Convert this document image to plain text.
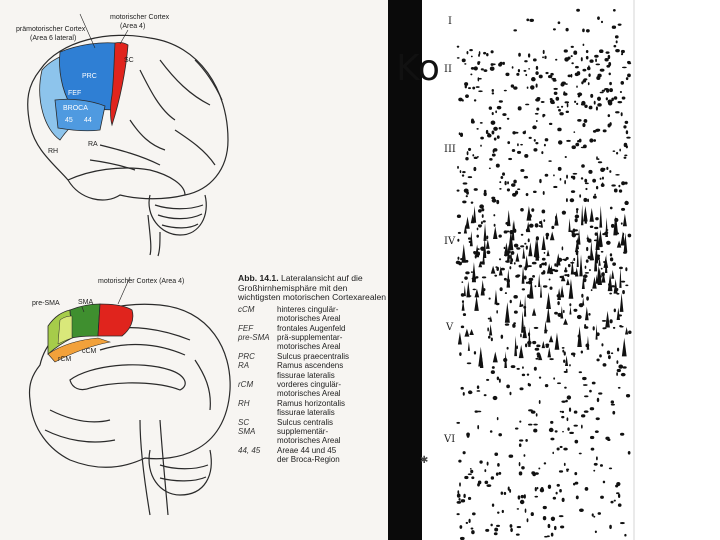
prämotorischer Cortex
(Area 6 lateral)
motorischer Cortex
(Area 4)
SC
PRC
FEF
BROCA
45 44
RA
RH
motorischer Cortex (Area 4)
SMA
pre-SMA
cCM
rCM

Abb. 14.1. Lateralansicht auf die Großhirnhemisphäre mit den wichtigsten motorischen Cortexarealen

cCM	hinteres cingulär-
motorisches Areal
FEF	frontales Augenfeld
pre-SMA prä-supplementar-
motorisches Areal
PRC	Sulcus praecentralis
RA	Ramus ascendens
fissurae lateralis
rCM	vorderes cingulär-
motorisches Areal
RH	Ramus horizontalis
fissurae lateralis
SC	Sulcus centralis
SMA	supplementär-
motorisches Areal
44, 45	Areae 44 und 45
der Broca-Region
Ko
I
II
III
IV
V
VI
✱
